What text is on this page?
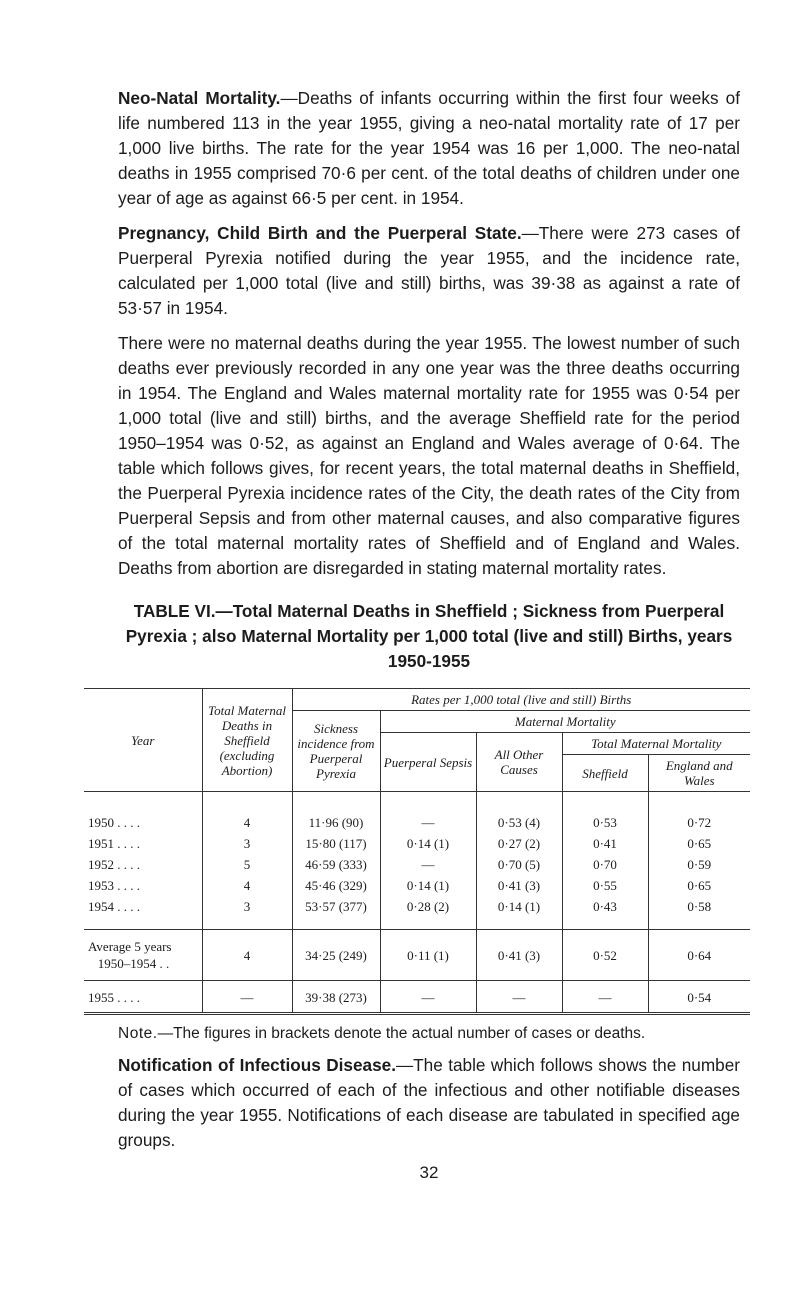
Neo-Natal Mortality.—Deaths of infants occurring within the first four weeks of life numbered 113 in the year 1955, giving a neo-natal mortality rate of 17 per 1,000 live births. The rate for the year 1954 was 16 per 1,000. The neo-natal deaths in 1955 comprised 70·6 per cent. of the total deaths of children under one year of age as against 66·5 per cent. in 1954.

Pregnancy, Child Birth and the Puerperal State.—There were 273 cases of Puerperal Pyrexia notified during the year 1955, and the incidence rate, calculated per 1,000 total (live and still) births, was 39·38 as against a rate of 53·57 in 1954.

There were no maternal deaths during the year 1955. The lowest number of such deaths ever previously recorded in any one year was the three deaths occurring in 1954. The England and Wales maternal mortality rate for 1955 was 0·54 per 1,000 total (live and still) births, and the average Sheffield rate for the period 1950–1954 was 0·52, as against an England and Wales average of 0·64. The table which follows gives, for recent years, the total maternal deaths in Sheffield, the Puerperal Pyrexia incidence rates of the City, the death rates of the City from Puerperal Sepsis and from other maternal causes, and also comparative figures of the total maternal mortality rates of Sheffield and of England and Wales. Deaths from abortion are disregarded in stating maternal mortality rates.

TABLE VI.—Total Maternal Deaths in Sheffield ; Sickness from Puerperal Pyrexia ; also Maternal Mortality per 1,000 total (live and still) Births, years 1950-1955
Year	Total Maternal Deaths in Sheffield (excluding Abortion)	Rates per 1,000 total (live and still) Births				
		Sickness incidence from Puerperal Pyrexia	Maternal Mortality			
			Puerperal Sepsis	All Other Causes	Total Maternal Mortality	
					Sheffield	England and Wales
1950 . . . .	4	11·96 (90)	—	0·53 (4)	0·53	0·72
1951 . . . .	3	15·80 (117)	0·14 (1)	0·27 (2)	0·41	0·65
1952 . . . .	5	46·59 (333)	—	0·70 (5)	0·70	0·59
1953 . . . .	4	45·46 (329)	0·14 (1)	0·41 (3)	0·55	0·65
1954 . . . .	3	53·57 (377)	0·28 (2)	0·14 (1)	0·43	0·58
Average 5 years
1950–1954 . .	4	34·25 (249)	0·11 (1)	0·41 (3)	0·52	0·64
1955 . . . .	—	39·38 (273)	—	—	—	0·54

Note.—The figures in brackets denote the actual number of cases or deaths.

Notification of Infectious Disease.—The table which follows shows the number of cases which occurred of each of the infectious and other notifiable diseases during the year 1955. Notifications of each disease are tabulated in specified age groups.

32
